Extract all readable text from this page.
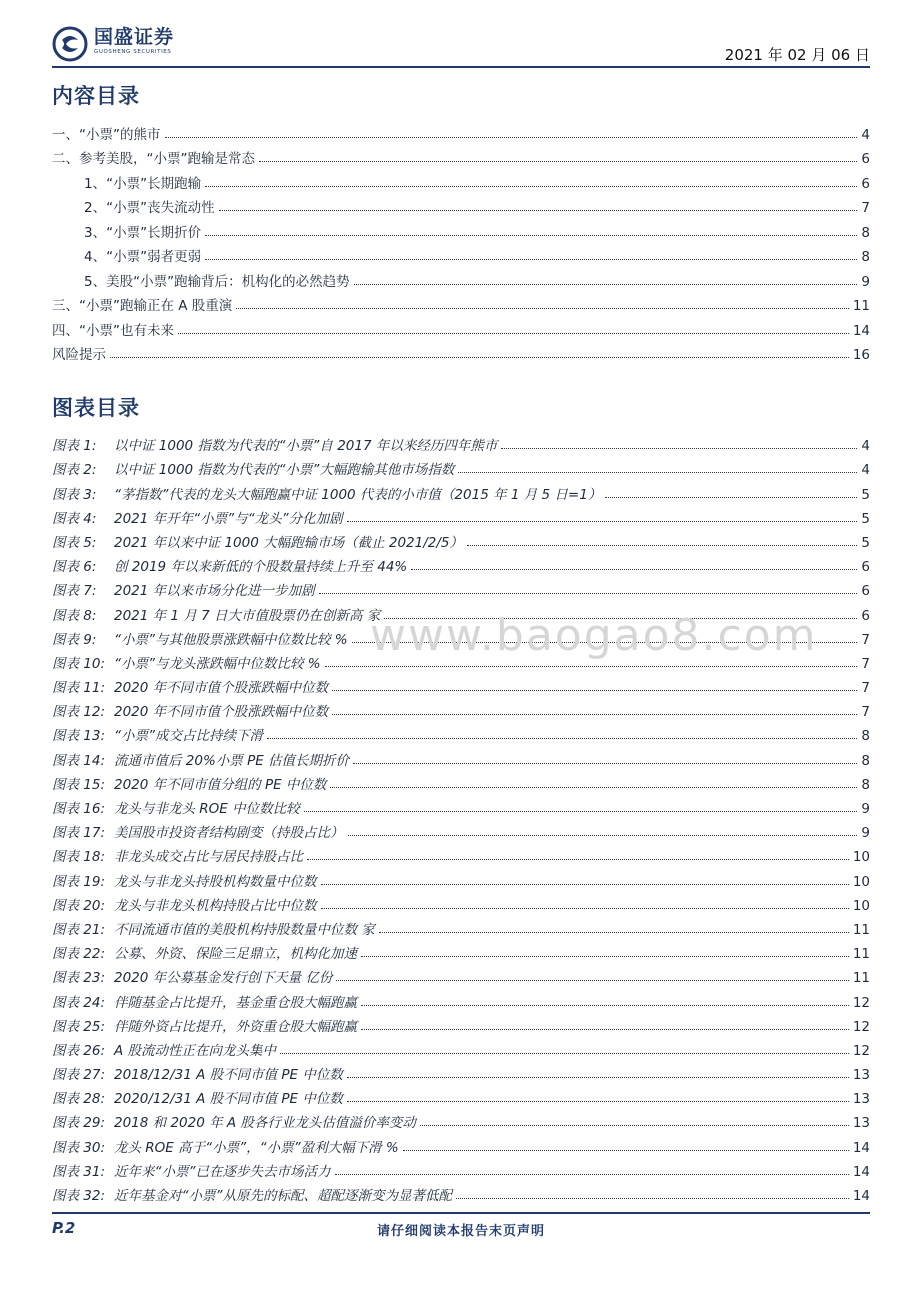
国盛证券
GUOSHENG SECURITIES	2021 年 02 月 06 日
内容目录
一、“小票”的熊市	4
二、参考美股，“小票”跑输是常态	6
1、“小票”长期跑输	6
2、“小票”丧失流动性	7
3、“小票”长期折价	8
4、“小票”弱者更弱	8
5、美股“小票”跑输背后：机构化的必然趋势	9
三、“小票”跑输正在 A 股重演	11
四、“小票”也有未来	14
风险提示	16
图表目录
图表 1: 以中证 1000 指数为代表的“小票”自 2017 年以来经历四年熊市	4
图表 2: 以中证 1000 指数为代表的“小票”大幅跑输其他市场指数	4
图表 3: “茅指数”代表的龙头大幅跑赢中证 1000 代表的小市值（2015 年 1 月 5 日=1）	5
图表 4: 2021 年开年“小票”与“龙头”分化加剧	5
图表 5: 2021 年以来中证 1000 大幅跑输市场（截止 2021/2/5）	5
图表 6: 创 2019 年以来新低的个股数量持续上升至 44%	6
图表 7: 2021 年以来市场分化进一步加剧	6
图表 8: 2021 年 1 月 7 日大市值股票仍在创新高 家	6
图表 9: “小票”与其他股票涨跌幅中位数比较 %	7
图表 10: “小票”与龙头涨跌幅中位数比较 %	7
图表 11: 2020 年不同市值个股涨跌幅中位数	7
图表 12: 2020 年不同市值个股涨跌幅中位数	7
图表 13: “小票”成交占比持续下滑	8
图表 14: 流通市值后 20%小票 PE 估值长期折价	8
图表 15: 2020 年不同市值分组的 PE 中位数	8
图表 16: 龙头与非龙头 ROE 中位数比较	9
图表 17: 美国股市投资者结构剧变（持股占比）	9
图表 18: 非龙头成交占比与居民持股占比	10
图表 19: 龙头与非龙头持股机构数量中位数	10
图表 20: 龙头与非龙头机构持股占比中位数	10
图表 21: 不同流通市值的美股机构持股数量中位数 家	11
图表 22: 公募、外资、保险三足鼎立，机构化加速	11
图表 23: 2020 年公募基金发行创下天量 亿份	11
图表 24: 伴随基金占比提升，基金重仓股大幅跑赢	12
图表 25: 伴随外资占比提升，外资重仓股大幅跑赢	12
图表 26: A 股流动性正在向龙头集中	12
图表 27: 2018/12/31 A 股不同市值 PE 中位数	13
图表 28: 2020/12/31 A 股不同市值 PE 中位数	13
图表 29: 2018 和 2020 年 A 股各行业龙头估值溢价率变动	13
图表 30: 龙头 ROE 高于“小票”，“小票”盈利大幅下滑 %	14
图表 31: 近年来“小票”已在逐步失去市场活力	14
图表 32: 近年基金对“小票”从原先的标配、超配逐渐变为显著低配	14
www.baogao8.com
P.2	请仔细阅读本报告末页声明
